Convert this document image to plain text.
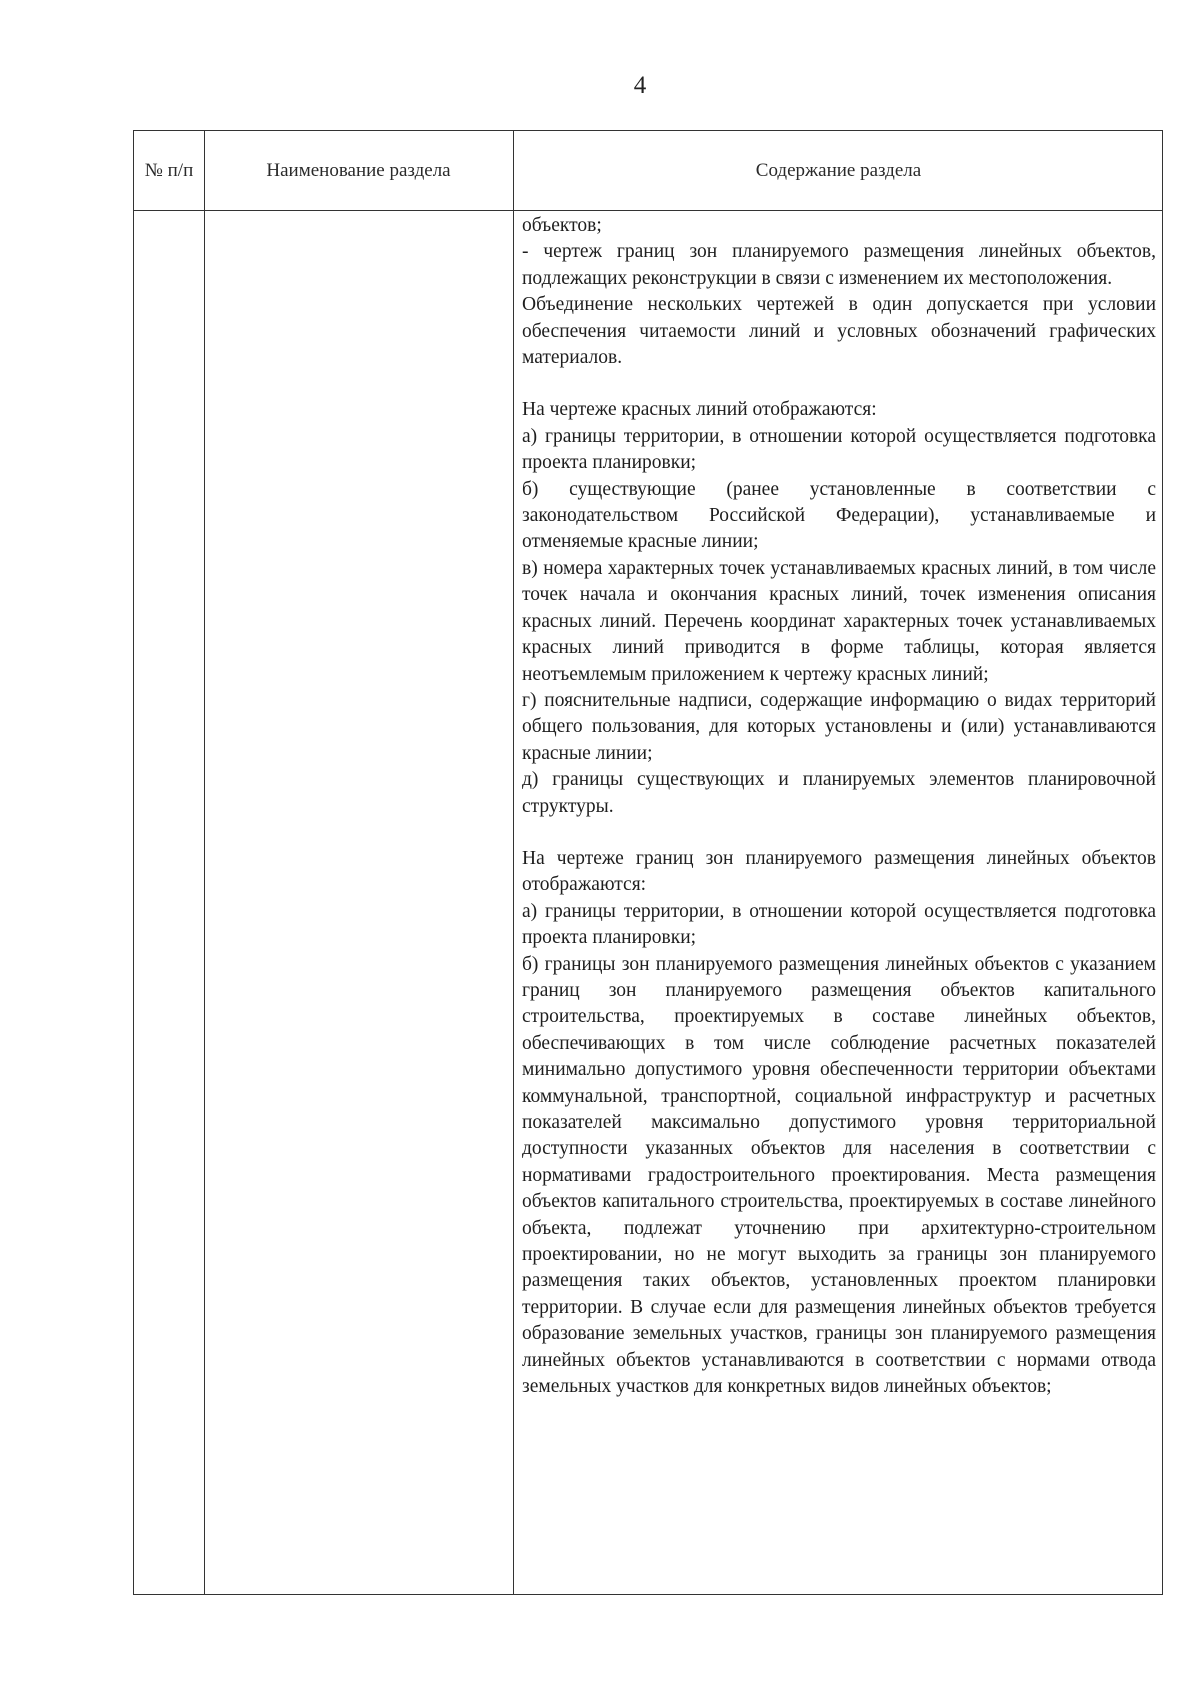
4
№ п/п	Наименование раздела	Содержание раздела

объектов;

- чертеж границ зон планируемого размещения линейных объектов, подлежащих реконструкции в связи с изменением их местоположения.

Объединение нескольких чертежей в один допускается при условии обеспечения читаемости линий и условных обозначений графических материалов.

На чертеже красных линий отображаются:

а) границы территории, в отношении которой осуществляется подготовка проекта планировки;

б) существующие (ранее установленные в соответствии с законодательством Российской Федерации), устанавливаемые и отменяемые красные линии;

в) номера характерных точек устанавливаемых красных линий, в том числе точек начала и окончания красных линий, точек изменения описания красных линий. Перечень координат характерных точек устанавливаемых красных линий приводится в форме таблицы, которая является неотъемлемым приложением к чертежу красных линий;

г) пояснительные надписи, содержащие информацию о видах территорий общего пользования, для которых установлены и (или) устанавливаются красные линии;

д) границы существующих и планируемых элементов планировочной структуры.

На чертеже границ зон планируемого размещения линейных объектов отображаются:

а) границы территории, в отношении которой осуществляется подготовка проекта планировки;

б) границы зон планируемого размещения линейных объектов с указанием границ зон планируемого размещения объектов капитального строительства, проектируемых в составе линейных объектов, обеспечивающих в том числе соблюдение расчетных показателей минимально допустимого уровня обеспеченности территории объектами коммунальной, транспортной, социальной инфраструктур и расчетных показателей максимально допустимого уровня территориальной доступности указанных объектов для населения в соответствии с нормативами градостроительного проектирования. Места размещения объектов капитального строительства, проектируемых в составе линейного объекта, подлежат уточнению при архитектурно-строительном проектировании, но не могут выходить за границы зон планируемого размещения таких объектов, установленных проектом планировки территории. В случае если для размещения линейных объектов требуется образование земельных участков, границы зон планируемого размещения линейных объектов устанавливаются в соответствии с нормами отвода земельных участков для конкретных видов линейных объектов;
